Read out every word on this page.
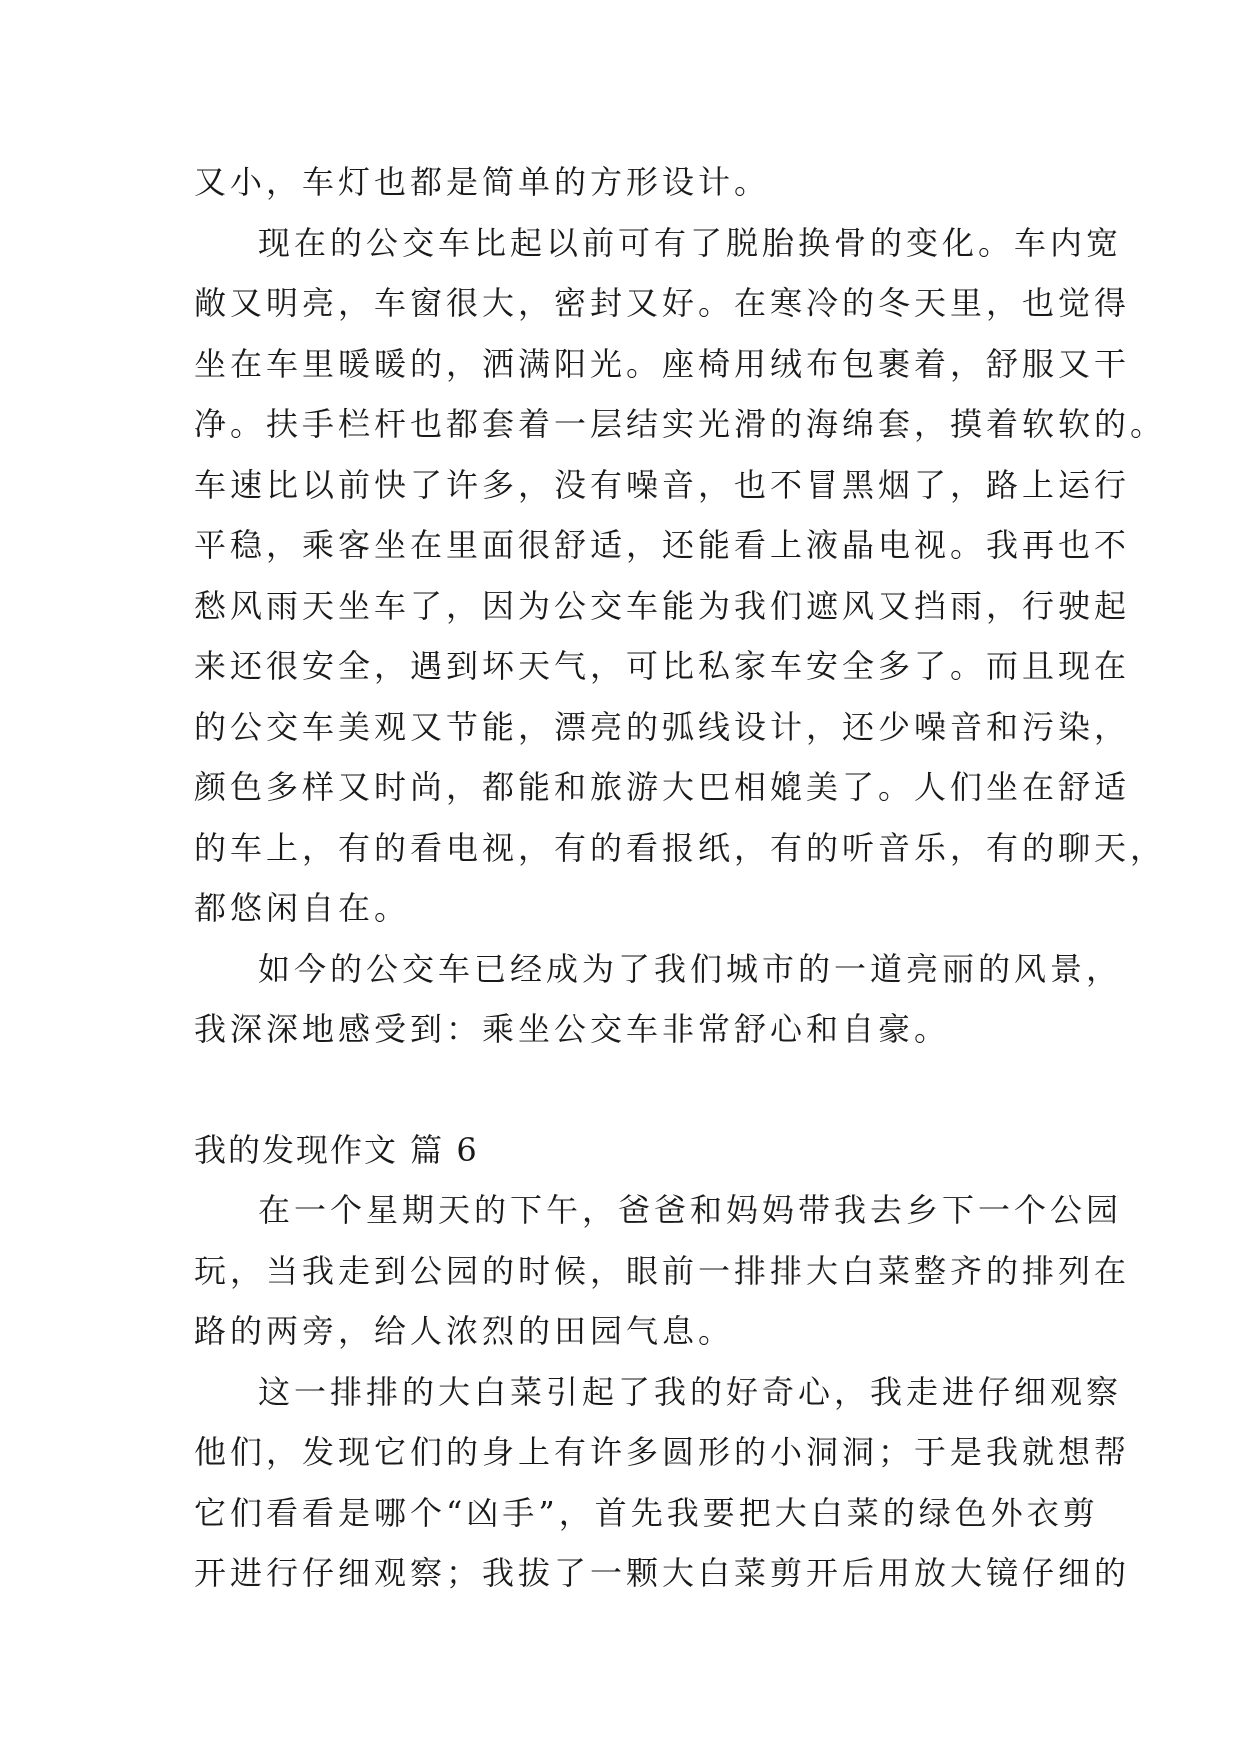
又小，车灯也都是简单的方形设计。
现在的公交车比起以前可有了脱胎换骨的变化。车内宽
敞又明亮，车窗很大，密封又好。在寒冷的冬天里，也觉得
坐在车里暖暖的，洒满阳光。座椅用绒布包裹着，舒服又干
净。扶手栏杆也都套着一层结实光滑的海绵套，摸着软软的。
车速比以前快了许多，没有噪音，也不冒黑烟了，路上运行
平稳，乘客坐在里面很舒适，还能看上液晶电视。我再也不
愁风雨天坐车了，因为公交车能为我们遮风又挡雨，行驶起
来还很安全，遇到坏天气，可比私家车安全多了。而且现在
的公交车美观又节能，漂亮的弧线设计，还少噪音和污染，
颜色多样又时尚，都能和旅游大巴相媲美了。人们坐在舒适
的车上，有的看电视，有的看报纸，有的听音乐，有的聊天，
都悠闲自在。
如今的公交车已经成为了我们城市的一道亮丽的风景，
我深深地感受到：乘坐公交车非常舒心和自豪。
我的发现作文 篇 6
在一个星期天的下午，爸爸和妈妈带我去乡下一个公园
玩，当我走到公园的时候，眼前一排排大白菜整齐的排列在
路的两旁，给人浓烈的田园气息。
这一排排的大白菜引起了我的好奇心，我走进仔细观察
他们，发现它们的身上有许多圆形的小洞洞；于是我就想帮
它们看看是哪个“凶手”，首先我要把大白菜的绿色外衣剪
开进行仔细观察；我拔了一颗大白菜剪开后用放大镜仔细的
